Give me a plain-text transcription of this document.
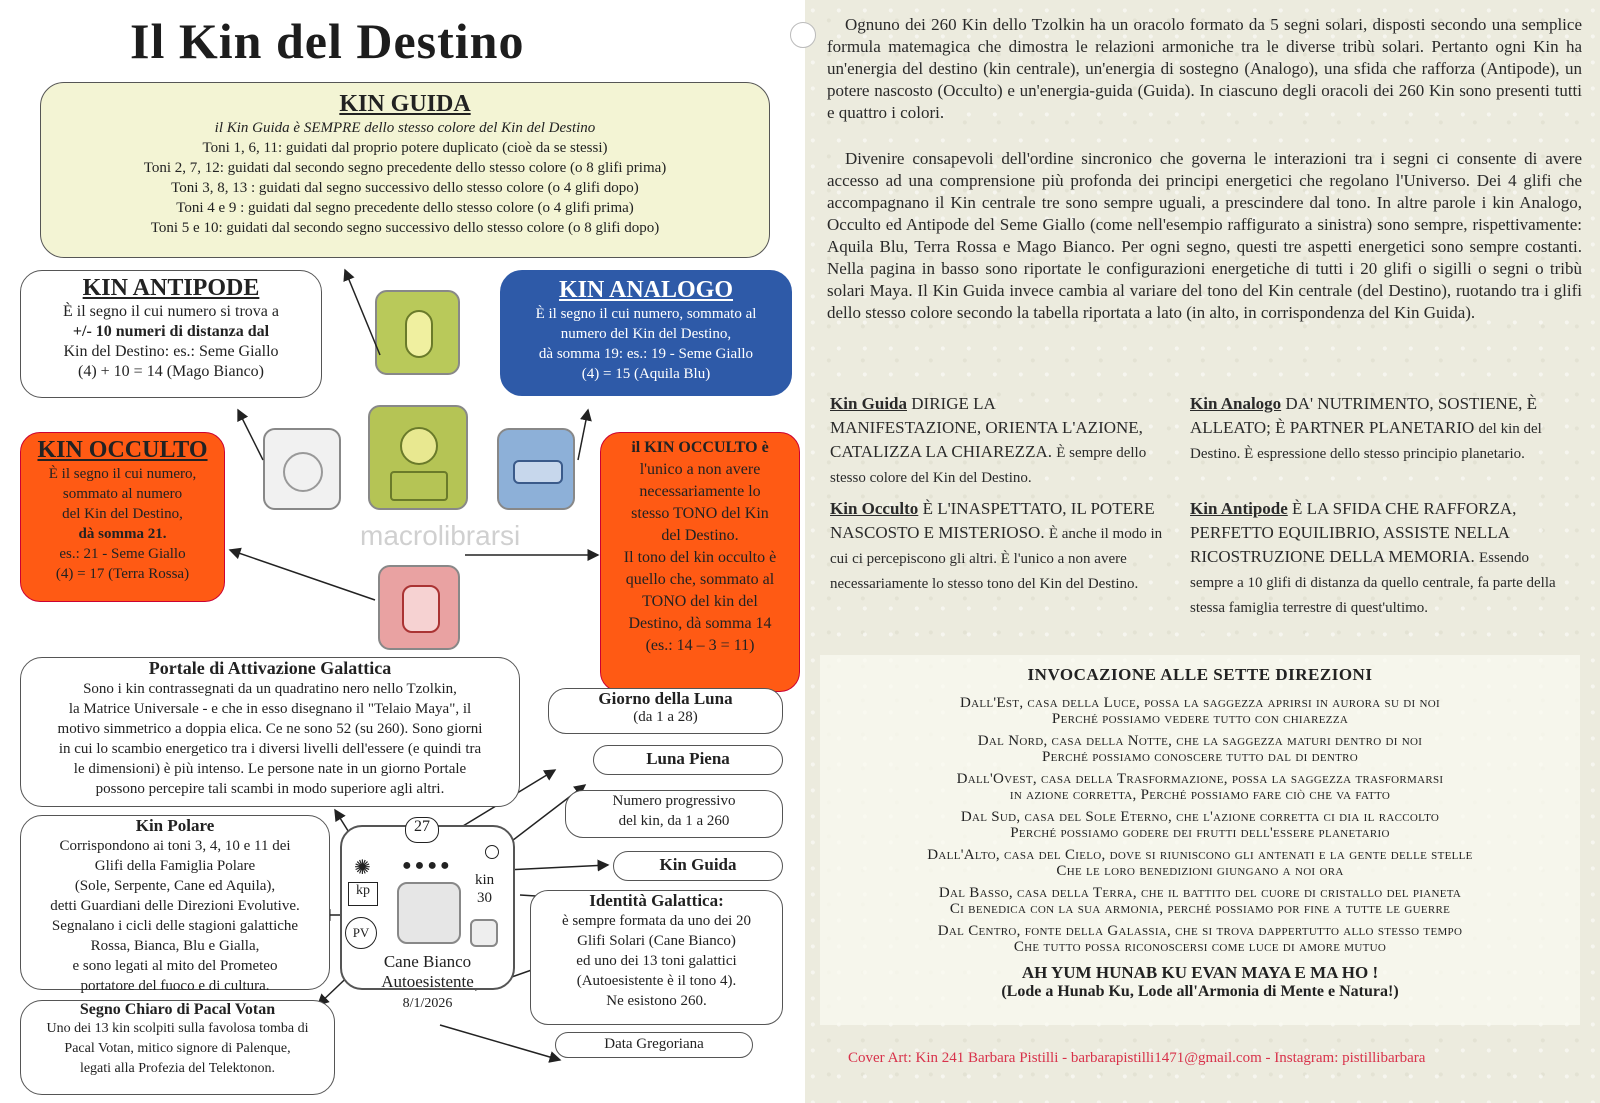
Il Kin del Destino
KIN GUIDA
il Kin Guida è SEMPRE dello stesso colore del Kin del Destino
Toni 1, 6, 11: guidati dal proprio potere duplicato (cioè da se stessi)
Toni 2, 7, 12: guidati dal secondo segno precedente dello stesso colore (o 8 glifi prima)
Toni 3, 8, 13 : guidati dal segno successivo dello stesso colore (o 4 glifi dopo)
Toni 4 e 9 : guidati dal segno precedente dello stesso colore (o 4 glifi prima)
Toni 5 e 10: guidati dal secondo segno successivo dello stesso colore (o 8 glifi dopo)
KIN ANTIPODE
È il segno il cui numero si trova a
+/- 10 numeri di distanza dal
Kin del Destino: es.: Seme Giallo
(4) + 10 = 14 (Mago Bianco)
KIN ANALOGO
È il segno il cui numero, sommato al
numero del Kin del Destino,
dà somma 19: es.: 19 - Seme Giallo
(4) = 15 (Aquila Blu)
KIN OCCULTO
È il segno il cui numero,
sommato al numero
del Kin del Destino,
dà somma 21.
es.: 21 - Seme Giallo
(4) = 17 (Terra Rossa)
il KIN OCCULTO è
l'unico a non avere
necessariamente lo
stesso TONO del Kin
del Destino.
Il tono del kin occulto è
quello che, sommato al
TONO del kin del
Destino, dà somma 14
(es.: 14 – 3 = 11)
macrolibrarsi
Portale di Attivazione Galattica
Sono i kin contrassegnati da un quadratino nero nello Tzolkin,
la Matrice Universale - e che in esso disegnano il "Telaio Maya", il
motivo simmetrico a doppia elica. Ce ne sono 52 (su 260). Sono giorni
in cui lo scambio energetico tra i diversi livelli dell'essere (e quindi tra
le dimensioni) è più intenso. Le persone nate in un giorno Portale
possono percepire tali scambi in modo superiore agli altri.
Kin Polare
Corrispondono ai toni 3, 4, 10 e 11 dei
Glifi della Famiglia Polare
(Sole, Serpente, Cane ed Aquila),
detti Guardiani delle Direzioni Evolutive.
Segnalano i cicli delle stagioni galattiche
Rossa, Bianca, Blu e Gialla,
e sono legati al mito del Prometeo
portatore del fuoco e di cultura.
Segno Chiaro di Pacal Votan
Uno dei 13 kin scolpiti sulla favolosa tomba di
Pacal Votan, mitico signore di Palenque,
legati alla Profezia del Telektonon.
✺ ●●●●
kin
30
27
kp
PV
Cane Bianco
Autoesistente
8/1/2026
Giorno della Luna
(da 1 a 28)
Luna Piena
Numero progressivo
del kin, da 1 a 260
Kin Guida
Identità Galattica:
è sempre formata da uno dei 20
Glifi Solari (Cane Bianco)
ed uno dei 13 toni galattici
(Autoesistente è il tono 4).
Ne esistono 260.
Data Gregoriana
Ognuno dei 260 Kin dello Tzolkin ha un oracolo formato da 5 segni solari, disposti secondo una semplice formula matemagica che dimostra le relazioni armoniche tra le diverse tribù solari. Pertanto ogni Kin ha un'energia del destino (kin centrale), un'energia di sostegno (Analogo), una sfida che rafforza (Antipode), un potere nascosto (Occulto) e un'energia-guida (Guida). In ciascuno degli oracoli dei 260 Kin sono presenti tutti e quattro i colori.
Divenire consapevoli dell'ordine sincronico che governa le interazioni tra i segni ci consente di avere accesso ad una comprensione più profonda dei principi energetici che regolano l'Universo. Dei 4 glifi che accompagnano il Kin centrale tre sono sempre uguali, a prescindere dal tono. In altre parole i kin Analogo, Occulto ed Antipode del Seme Giallo (come nell'esempio raffigurato a sinistra) sono sempre, rispettivamente: Aquila Blu, Terra Rossa e Mago Bianco. Per ogni segno, questi tre aspetti energetici sono sempre costanti. Nella pagina in basso sono riportate le configurazioni energetiche di tutti i 20 glifi o sigilli o segni o tribù solari Maya. Il Kin Guida invece cambia al variare del tono del Kin centrale (del Destino), ruotando tra i glifi dello stesso colore secondo la tabella riportata a lato (in alto, in corrispondenza del Kin Guida).
Kin Guida DIRIGE LA MANIFESTAZIONE, ORIENTA L'AZIONE, CATALIZZA LA CHIAREZZA. È sempre dello stesso colore del Kin del Destino.
Kin Analogo DA' NUTRIMENTO, SOSTIENE, È ALLEATO; È PARTNER PLANETARIO del kin del Destino. È espressione dello stesso principio planetario.
Kin Occulto È L'INASPETTATO, IL POTERE NASCOSTO E MISTERIOSO. È anche il modo in cui ci percepiscono gli altri. È l'unico a non avere necessariamente lo stesso tono del Kin del Destino.
Kin Antipode È LA SFIDA CHE RAFFORZA, PERFETTO EQUILIBRIO, ASSISTE NELLA RICOSTRUZIONE DELLA MEMORIA. Essendo sempre a 10 glifi di distanza da quello centrale, fa parte della stessa famiglia terrestre di quest'ultimo.
INVOCAZIONE ALLE SETTE DIREZIONI
Dall'Est, casa della Luce, possa la saggezza aprirsi in aurora su di noi
Perché possiamo vedere tutto con chiarezza
Dal Nord, casa della Notte, che la saggezza maturi dentro di noi
Perché possiamo conoscere tutto dal di dentro
Dall'Ovest, casa della Trasformazione, possa la saggezza trasformarsi
in azione corretta, Perché possiamo fare ciò che va fatto
Dal Sud, casa del Sole Eterno, che l'azione corretta ci dia il raccolto
Perché possiamo godere dei frutti dell'essere planetario
Dall'Alto, casa del Cielo, dove si riuniscono gli antenati e la gente delle stelle
Che le loro benedizioni giungano a noi ora
Dal Basso, casa della Terra, che il battito del cuore di cristallo del pianeta
Ci benedica con la sua armonia, perché possiamo por fine a tutte le guerre
Dal Centro, fonte della Galassia, che si trova dappertutto allo stesso tempo
Che tutto possa riconoscersi come luce di amore mutuo
AH YUM HUNAB KU EVAN MAYA E MA HO !
(Lode a Hunab Ku, Lode all'Armonia di Mente e Natura!)
Cover Art: Kin 241 Barbara Pistilli - barbarapistilli1471@gmail.com - Instagram: pistillibarbara
